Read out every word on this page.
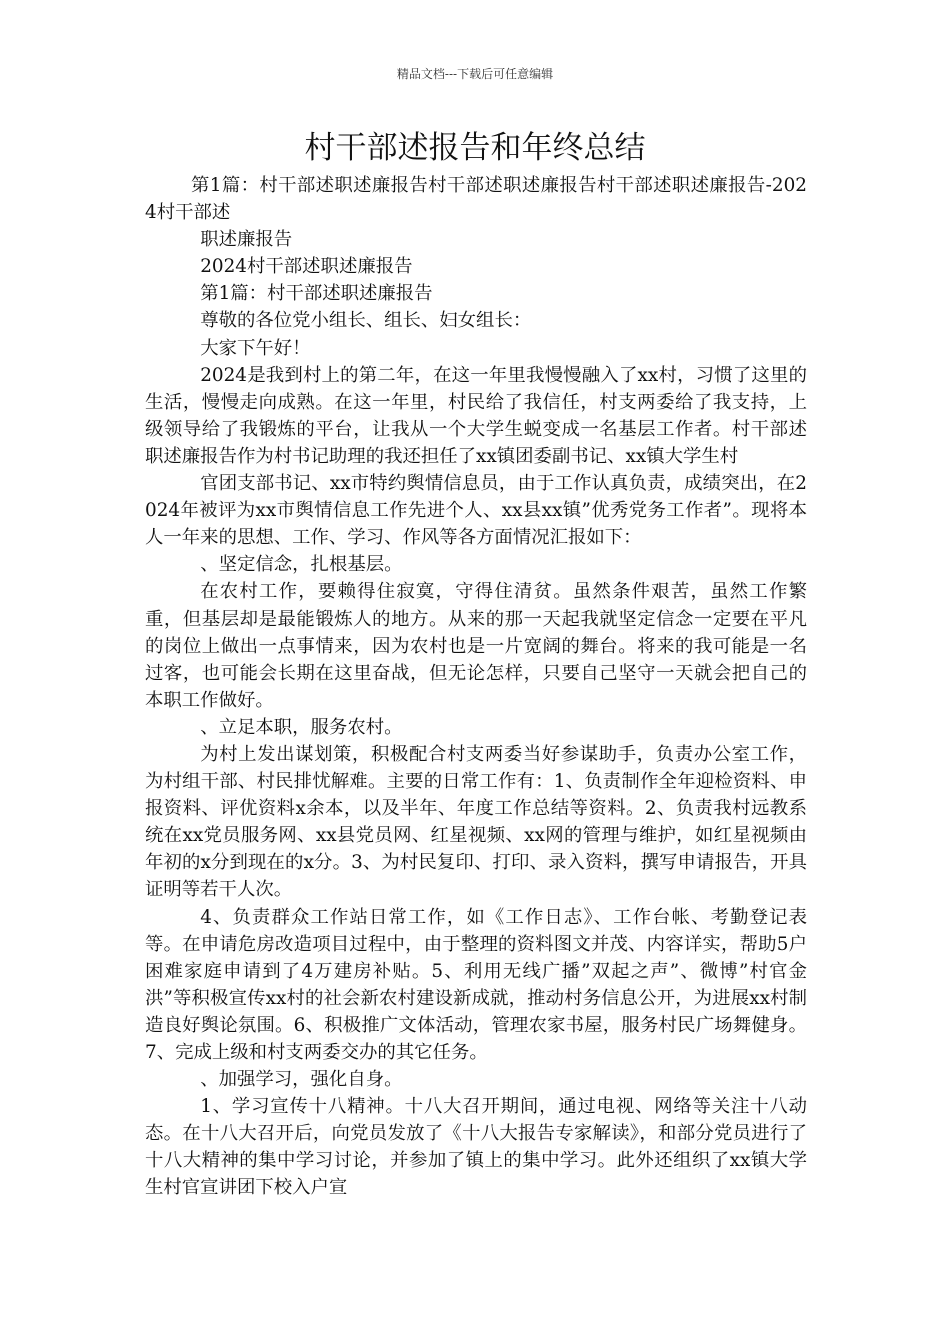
精品文档---下载后可任意编辑
村干部述报告和年终总结

第1篇：村干部述职述廉报告村干部述职述廉报告村干部述职述廉报告-2024村干部述

职述廉报告

2024村干部述职述廉报告

第1篇：村干部述职述廉报告

尊敬的各位党小组长、组长、妇女组长：

大家下午好！

2024是我到村上的第二年，在这一年里我慢慢融入了xx村，习惯了这里的生活，慢慢走向成熟。在这一年里，村民给了我信任，村支两委给了我支持，上级领导给了我锻炼的平台，让我从一个大学生蜕变成一名基层工作者。村干部述职述廉报告作为村书记助理的我还担任了xx镇团委副书记、xx镇大学生村

官团支部书记、xx市特约舆情信息员，由于工作认真负责，成绩突出，在2024年被评为xx市舆情信息工作先进个人、xx县xx镇”优秀党务工作者”。现将本人一年来的思想、工作、学习、作风等各方面情况汇报如下：

、坚定信念，扎根基层。

在农村工作，要赖得住寂寞，守得住清贫。虽然条件艰苦，虽然工作繁重，但基层却是最能锻炼人的地方。从来的那一天起我就坚定信念一定要在平凡的岗位上做出一点事情来，因为农村也是一片宽阔的舞台。将来的我可能是一名过客，也可能会长期在这里奋战，但无论怎样，只要自己坚守一天就会把自己的本职工作做好。

、立足本职，服务农村。

为村上发出谋划策，积极配合村支两委当好参谋助手，负责办公室工作，为村组干部、村民排忧解难。主要的日常工作有：1、负责制作全年迎检资料、申报资料、评优资料x余本，以及半年、年度工作总结等资料。2、负责我村远教系统在xx党员服务网、xx县党员网、红星视频、xx网的管理与维护，如红星视频由年初的x分到现在的x分。3、为村民复印、打印、录入资料，撰写申请报告，开具证明等若干人次。

4、负责群众工作站日常工作，如《工作日志》、工作台帐、考勤登记表等。在申请危房改造项目过程中，由于整理的资料图文并茂、内容详实，帮助5户困难家庭申请到了4万建房补贴。5、利用无线广播”双起之声”、微博”村官金洪”等积极宣传xx村的社会新农村建设新成就，推动村务信息公开，为进展xx村制造良好舆论氛围。6、积极推广文体活动，管理农家书屋，服务村民广场舞健身。7、完成上级和村支两委交办的其它任务。

、加强学习，强化自身。

1、学习宣传十八精神。十八大召开期间，通过电视、网络等关注十八动态。在十八大召开后，向党员发放了《十八大报告专家解读》，和部分党员进行了十八大精神的集中学习讨论，并参加了镇上的集中学习。此外还组织了xx镇大学生村官宣讲团下校入户宣
